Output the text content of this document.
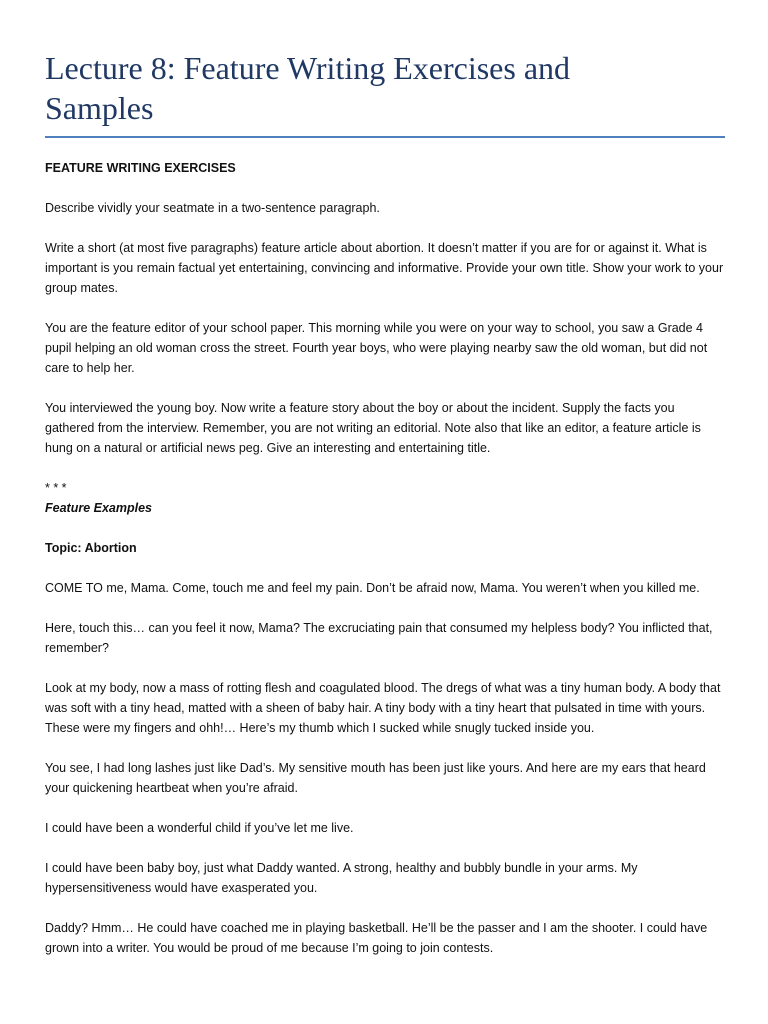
Lecture 8: Feature Writing Exercises and Samples
FEATURE WRITING EXERCISES

Describe vividly your seatmate in a two-sentence paragraph.

Write a short (at most five paragraphs) feature article about abortion. It doesn’t matter if you are for or against it. What is important is you remain factual yet entertaining, convincing and informative. Provide your own title. Show your work to your group mates.

You are the feature editor of your school paper. This morning while you were on your way to school, you saw a Grade 4 pupil helping an old woman cross the street. Fourth year boys, who were playing nearby saw the old woman, but did not care to help her.

You interviewed the young boy. Now write a feature story about the boy or about the incident. Supply the facts you gathered from the interview. Remember, you are not writing an editorial. Note also that like an editor, a feature article is hung on a natural or artificial news peg. Give an interesting and entertaining title.

* * *

Feature Examples

Topic: Abortion

COME TO me, Mama. Come, touch me and feel my pain. Don’t be afraid now, Mama. You weren’t when you killed me.

Here, touch this… can you feel it now, Mama? The excruciating pain that consumed my helpless body? You inflicted that, remember?

Look at my body, now a mass of rotting flesh and coagulated blood. The dregs of what was a tiny human body. A body that was soft with a tiny head, matted with a sheen of baby hair. A tiny body with a tiny heart that pulsated in time with yours. These were my fingers and ohh!… Here’s my thumb which I sucked while snugly tucked inside you.

You see, I had long lashes just like Dad’s. My sensitive mouth has been just like yours. And here are my ears that heard your quickening heartbeat when you’re afraid.

I could have been a wonderful child if you’ve let me live.

I could have been baby boy, just what Daddy wanted. A strong, healthy and bubbly bundle in your arms. My hypersensitiveness would have exasperated you.

Daddy? Hmm… He could have coached me in playing basketball. He’ll be the passer and I am the shooter. I could have grown into a writer. You would be proud of me because I’m going to join contests.
